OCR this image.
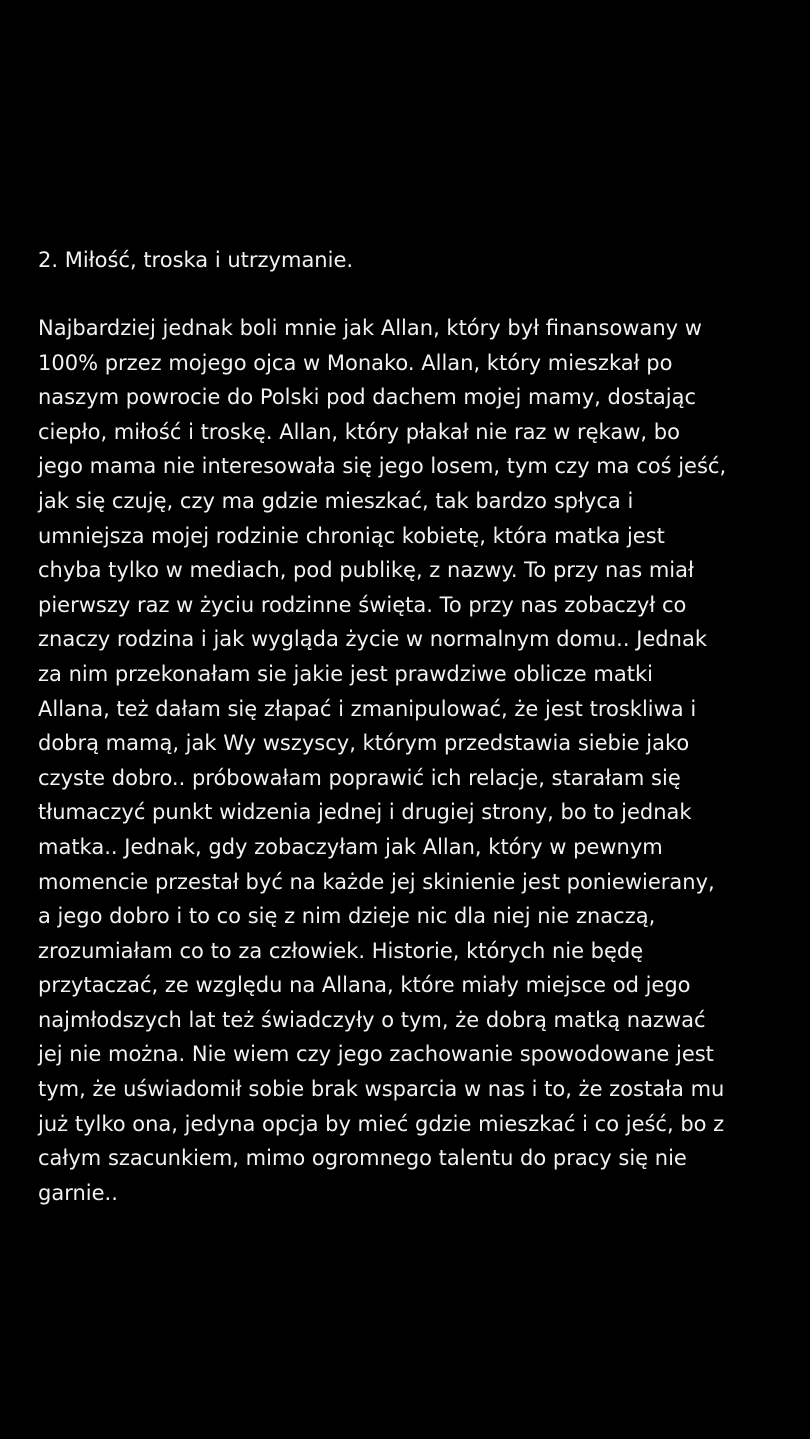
2. Miłość, troska i utrzymanie.
Najbardziej jednak boli mnie jak Allan, który był finansowany w
100% przez mojego ojca w Monako. Allan, który mieszkał po
naszym powrocie do Polski pod dachem mojej mamy, dostając
ciepło, miłość i troskę. Allan, który płakał nie raz w rękaw, bo
jego mama nie interesowała się jego losem, tym czy ma coś jeść,
jak się czuję, czy ma gdzie mieszkać, tak bardzo spłyca i
umniejsza mojej rodzinie chroniąc kobietę, która matka jest
chyba tylko w mediach, pod publikę, z nazwy. To przy nas miał
pierwszy raz w życiu rodzinne święta. To przy nas zobaczył co
znaczy rodzina i jak wygląda życie w normalnym domu.. Jednak
za nim przekonałam sie jakie jest prawdziwe oblicze matki
Allana, też dałam się złapać i zmanipulować, że jest troskliwa i
dobrą mamą, jak Wy wszyscy, którym przedstawia siebie jako
czyste dobro.. próbowałam poprawić ich relacje, starałam się
tłumaczyć punkt widzenia jednej i drugiej strony, bo to jednak
matka.. Jednak, gdy zobaczyłam jak Allan, który w pewnym
momencie przestał być na każde jej skinienie jest poniewierany,
a jego dobro i to co się z nim dzieje nic dla niej nie znaczą,
zrozumiałam co to za człowiek. Historie, których nie będę
przytaczać, ze względu na Allana, które miały miejsce od jego
najmłodszych lat też świadczyły o tym, że dobrą matką nazwać
jej nie można. Nie wiem czy jego zachowanie spowodowane jest
tym, że uświadomił sobie brak wsparcia w nas i to, że została mu
już tylko ona, jedyna opcja by mieć gdzie mieszkać i co jeść, bo z
całym szacunkiem, mimo ogromnego talentu do pracy się nie
garnie..
